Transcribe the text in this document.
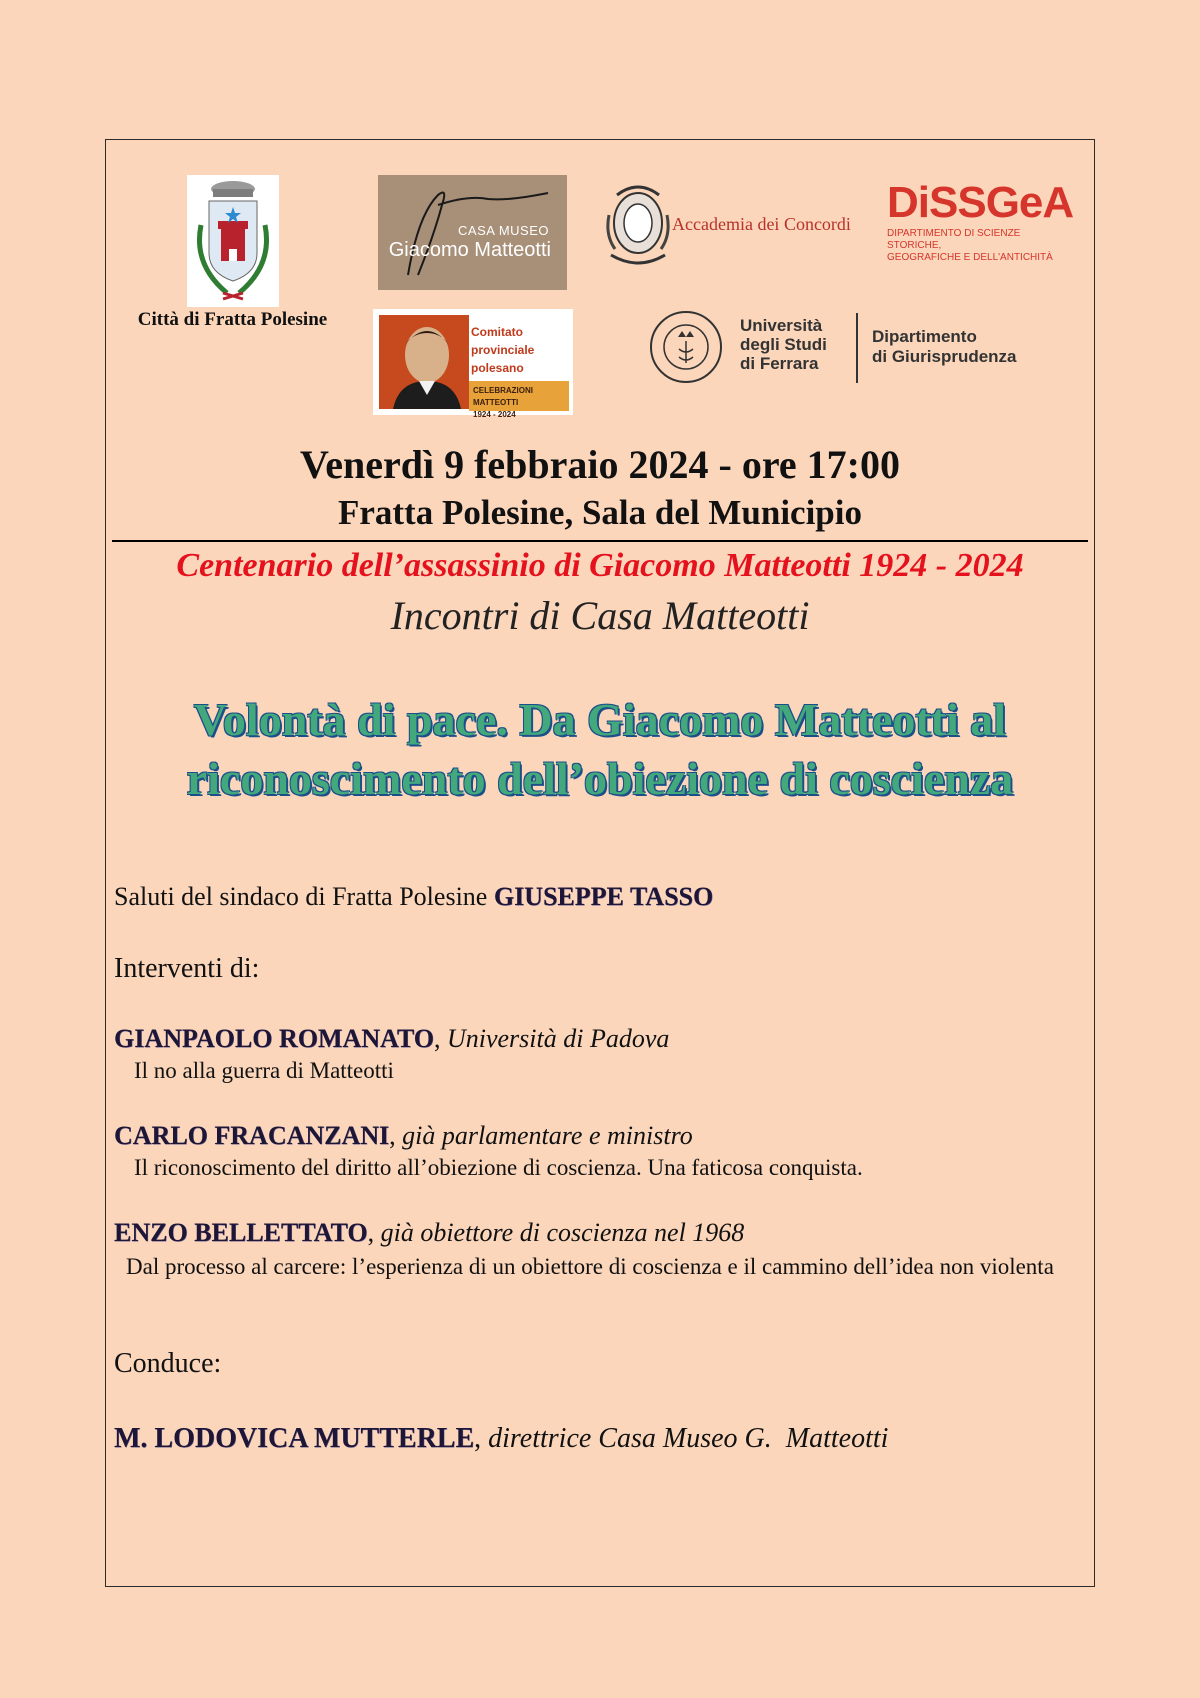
Città di Fratta Polesine
CASA MUSEO
Giacomo Matteotti
Comitato
provinciale
polesano
CELEBRAZIONI MATTEOTTI
1924 - 2024
Accademia dei Concordi DiSSGeA
DIPARTIMENTO DI SCIENZE STORICHE,
GEOGRAFICHE E DELL'ANTICHITÀ
Università
degli Studi
di Ferrara
Dipartimento
di Giurisprudenza
Venerdì 9 febbraio 2024 - ore 17:00
Fratta Polesine, Sala del Municipio
Centenario dell’assassinio di Giacomo Matteotti 1924 - 2024
Incontri di Casa Matteotti
Volontà di pace. Da Giacomo Matteotti al
riconoscimento dell’obiezione di coscienza
Saluti del sindaco di Fratta Polesine GIUSEPPE TASSO
Interventi di:
GIANPAOLO ROMANATO, Università di Padova
Il no alla guerra di Matteotti
CARLO FRACANZANI, già parlamentare e ministro
Il riconoscimento del diritto all’obiezione di coscienza. Una faticosa conquista.
ENZO BELLETTATO, già obiettore di coscienza nel 1968
Dal processo al carcere: l’esperienza di un obiettore di coscienza e il cammino dell’idea non violenta
Conduce:
M. LODOVICA MUTTERLE, direttrice Casa Museo G.  Matteotti
